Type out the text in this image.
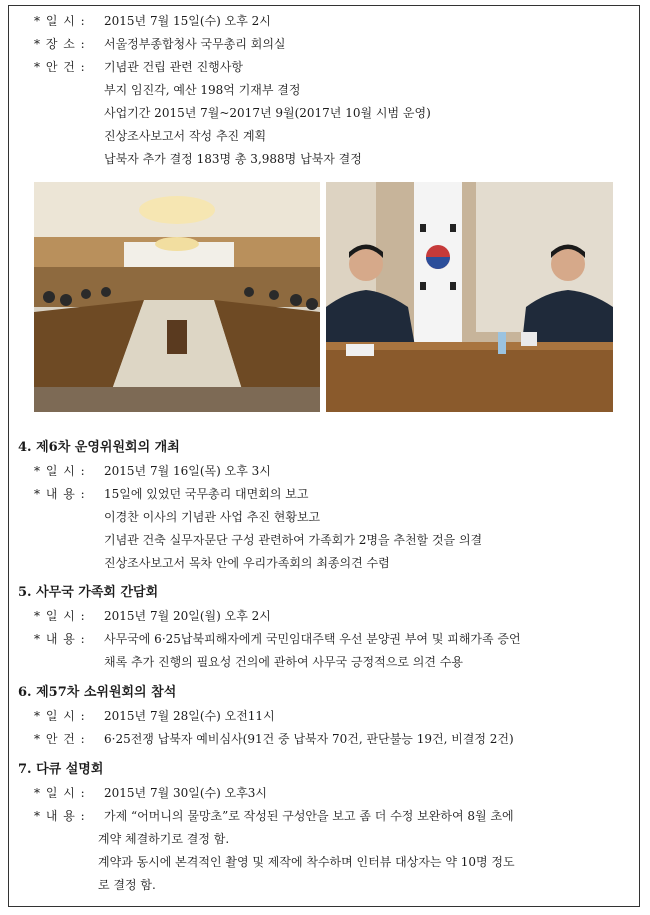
* 일 시 : 2015년 7월 15일(수) 오후 2시
* 장 소 : 서울정부종합청사 국무총리 회의실
* 안 건 : 기념관 건립 관련 진행사항
부지 임진각, 예산 198억 기재부 결정
사업기간 2015년 7월~2017년 9월(2017년 10월 시범 운영)
진상조사보고서 작성 추진 계획
납북자 추가 결정 183명 총 3,988명 납북자 결정
4. 제6차 운영위원회의 개최
* 일 시 : 2015년 7월 16일(목) 오후 3시
* 내 용 : 15일에 있었던 국무총리 대면회의 보고
이경찬 이사의 기념관 사업 추진 현황보고
기념관 건축 실무자문단 구성 관련하여 가족회가 2명을 추천할 것을 의결
진상조사보고서 목차 안에 우리가족회의 최종의견 수렴
5. 사무국 가족회 간담회
* 일 시 : 2015년 7월 20일(월) 오후 2시
* 내 용 : 사무국에 6·25납북피해자에게 국민임대주택 우선 분양권 부여 및 피해가족 증언
채록 추가 진행의 필요성 건의에 관하여 사무국 긍정적으로 의견 수용
6. 제57차 소위원회의 참석
* 일 시 : 2015년 7월 28일(수) 오전11시
* 안 건 : 6·25전쟁 납북자 예비심사(91건 중 납북자 70건, 판단불능 19건, 비결정 2건)
7. 다큐 설명회
* 일 시 : 2015년 7월 30일(수) 오후3시
* 내 용 : 가제 “어머니의 물망초”로 작성된 구성안을 보고 좀 더 수정 보완하여 8월 초에
계약 체결하기로 결정 함.
계약과 동시에 본격적인 촬영 및 제작에 착수하며 인터뷰 대상자는 약 10명 정도
로 결정 함.
